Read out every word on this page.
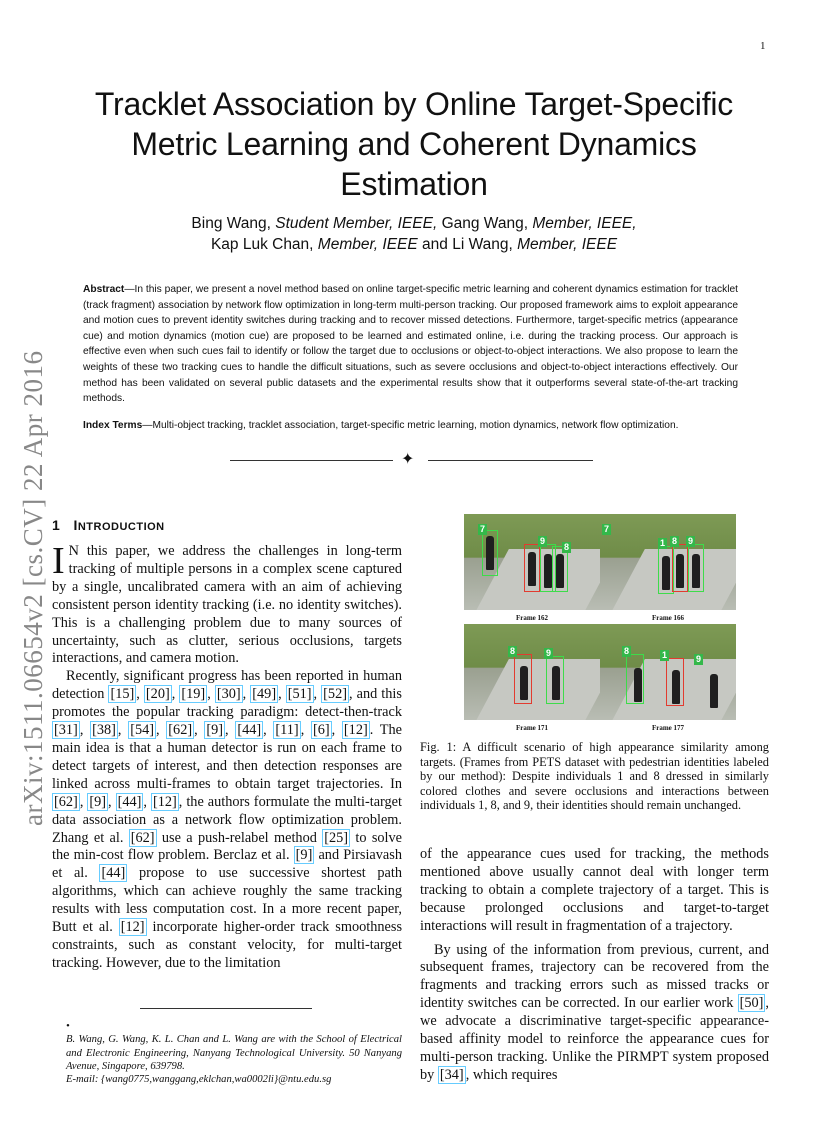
1
Tracklet Association by Online Target-Specific
Metric Learning and Coherent Dynamics
Estimation
Bing Wang, Student Member, IEEE, Gang Wang, Member, IEEE,
Kap Luk Chan, Member, IEEE and Li Wang, Member, IEEE
arXiv:1511.06654v2 [cs.CV] 22 Apr 2016
Abstract—In this paper, we present a novel method based on online target-specific metric learning and coherent dynamics estimation for tracklet (track fragment) association by network flow optimization in long-term multi-person tracking. Our proposed framework aims to exploit appearance and motion cues to prevent identity switches during tracking and to recover missed detections. Furthermore, target-specific metrics (appearance cue) and motion dynamics (motion cue) are proposed to be learned and estimated online, i.e. during the tracking process. Our approach is effective even when such cues fail to identify or follow the target due to occlusions or object-to-object interactions. We also propose to learn the weights of these two tracking cues to handle the difficult situations, such as severe occlusions and object-to-object interactions effectively. Our method has been validated on several public datasets and the experimental results show that it outperforms several state-of-the-art tracking methods.
Index Terms—Multi-object tracking, tracklet association, target-specific metric learning, motion dynamics, network flow optimization.
✦
1 INTRODUCTION

I N this paper, we address the challenges in long-term tracking of multiple persons in a complex scene captured by a single, uncalibrated camera with an aim of achieving consistent person identity tracking (i.e. no identity switches). This is a challenging problem due to many sources of uncertainty, such as clutter, serious occlusions, targets interactions, and camera motion.

Recently, significant progress has been reported in human detection [15] , [20] , [19] , [30] , [49] , [51] , [52] , and this promotes the popular tracking paradigm: detect-then-track [31] , [38] , [54] , [62] , [9] , [44] , [11] , [6] , [12] . The main idea is that a human detector is run on each frame to detect targets of interest, and then detection responses are linked across multi-frames to obtain target trajectories. In [62] , [9] , [44] , [12] , the authors formulate the multi-target data association as a network flow optimization problem. Zhang et al. [62] use a push-relabel method [25] to solve the min-cost flow problem. Berclaz et al. [9] and Pirsiavash et al. [44] propose to use successive shortest path algorithms, which can achieve roughly the same tracking results with less computation cost. In a more recent paper, Butt et al. [12] incorporate higher-order track smoothness constraints, such as constant velocity, for multi-target tracking. However, due to the limitation

•
B. Wang, G. Wang, K. L. Chan and L. Wang are with the School of Electrical and Electronic Engineering, Nanyang Technological University. 50 Nanyang Avenue, Singapore, 639798.
E-mail: {wang0775,wanggang,eklchan,wa0002li}@ntu.edu.sg
7
9
8
Frame 162
7
1 8 9
Frame 166
8	9
Frame 171
8	1	9
Frame 177
Fig. 1: A difficult scenario of high appearance similarity among targets. (Frames from PETS dataset with pedestrian identities labeled by our method): Despite individuals 1 and 8 dressed in similarly colored clothes and severe occlusions and interactions between individuals 1, 8, and 9, their identities should remain unchanged.

of the appearance cues used for tracking, the methods mentioned above usually cannot deal with longer term tracking to obtain a complete trajectory of a target. This is because prolonged occlusions and target-to-target interactions will result in fragmentation of a trajectory.

By using of the information from previous, current, and subsequent frames, trajectory can be recovered from the fragments and tracking errors such as missed tracks or identity switches can be corrected. In our earlier work [50] , we advocate a discriminative target-specific appearance-based affinity model to reinforce the appearance cues for multi-person tracking. Unlike the PIRMPT system proposed by [34] , which requires
